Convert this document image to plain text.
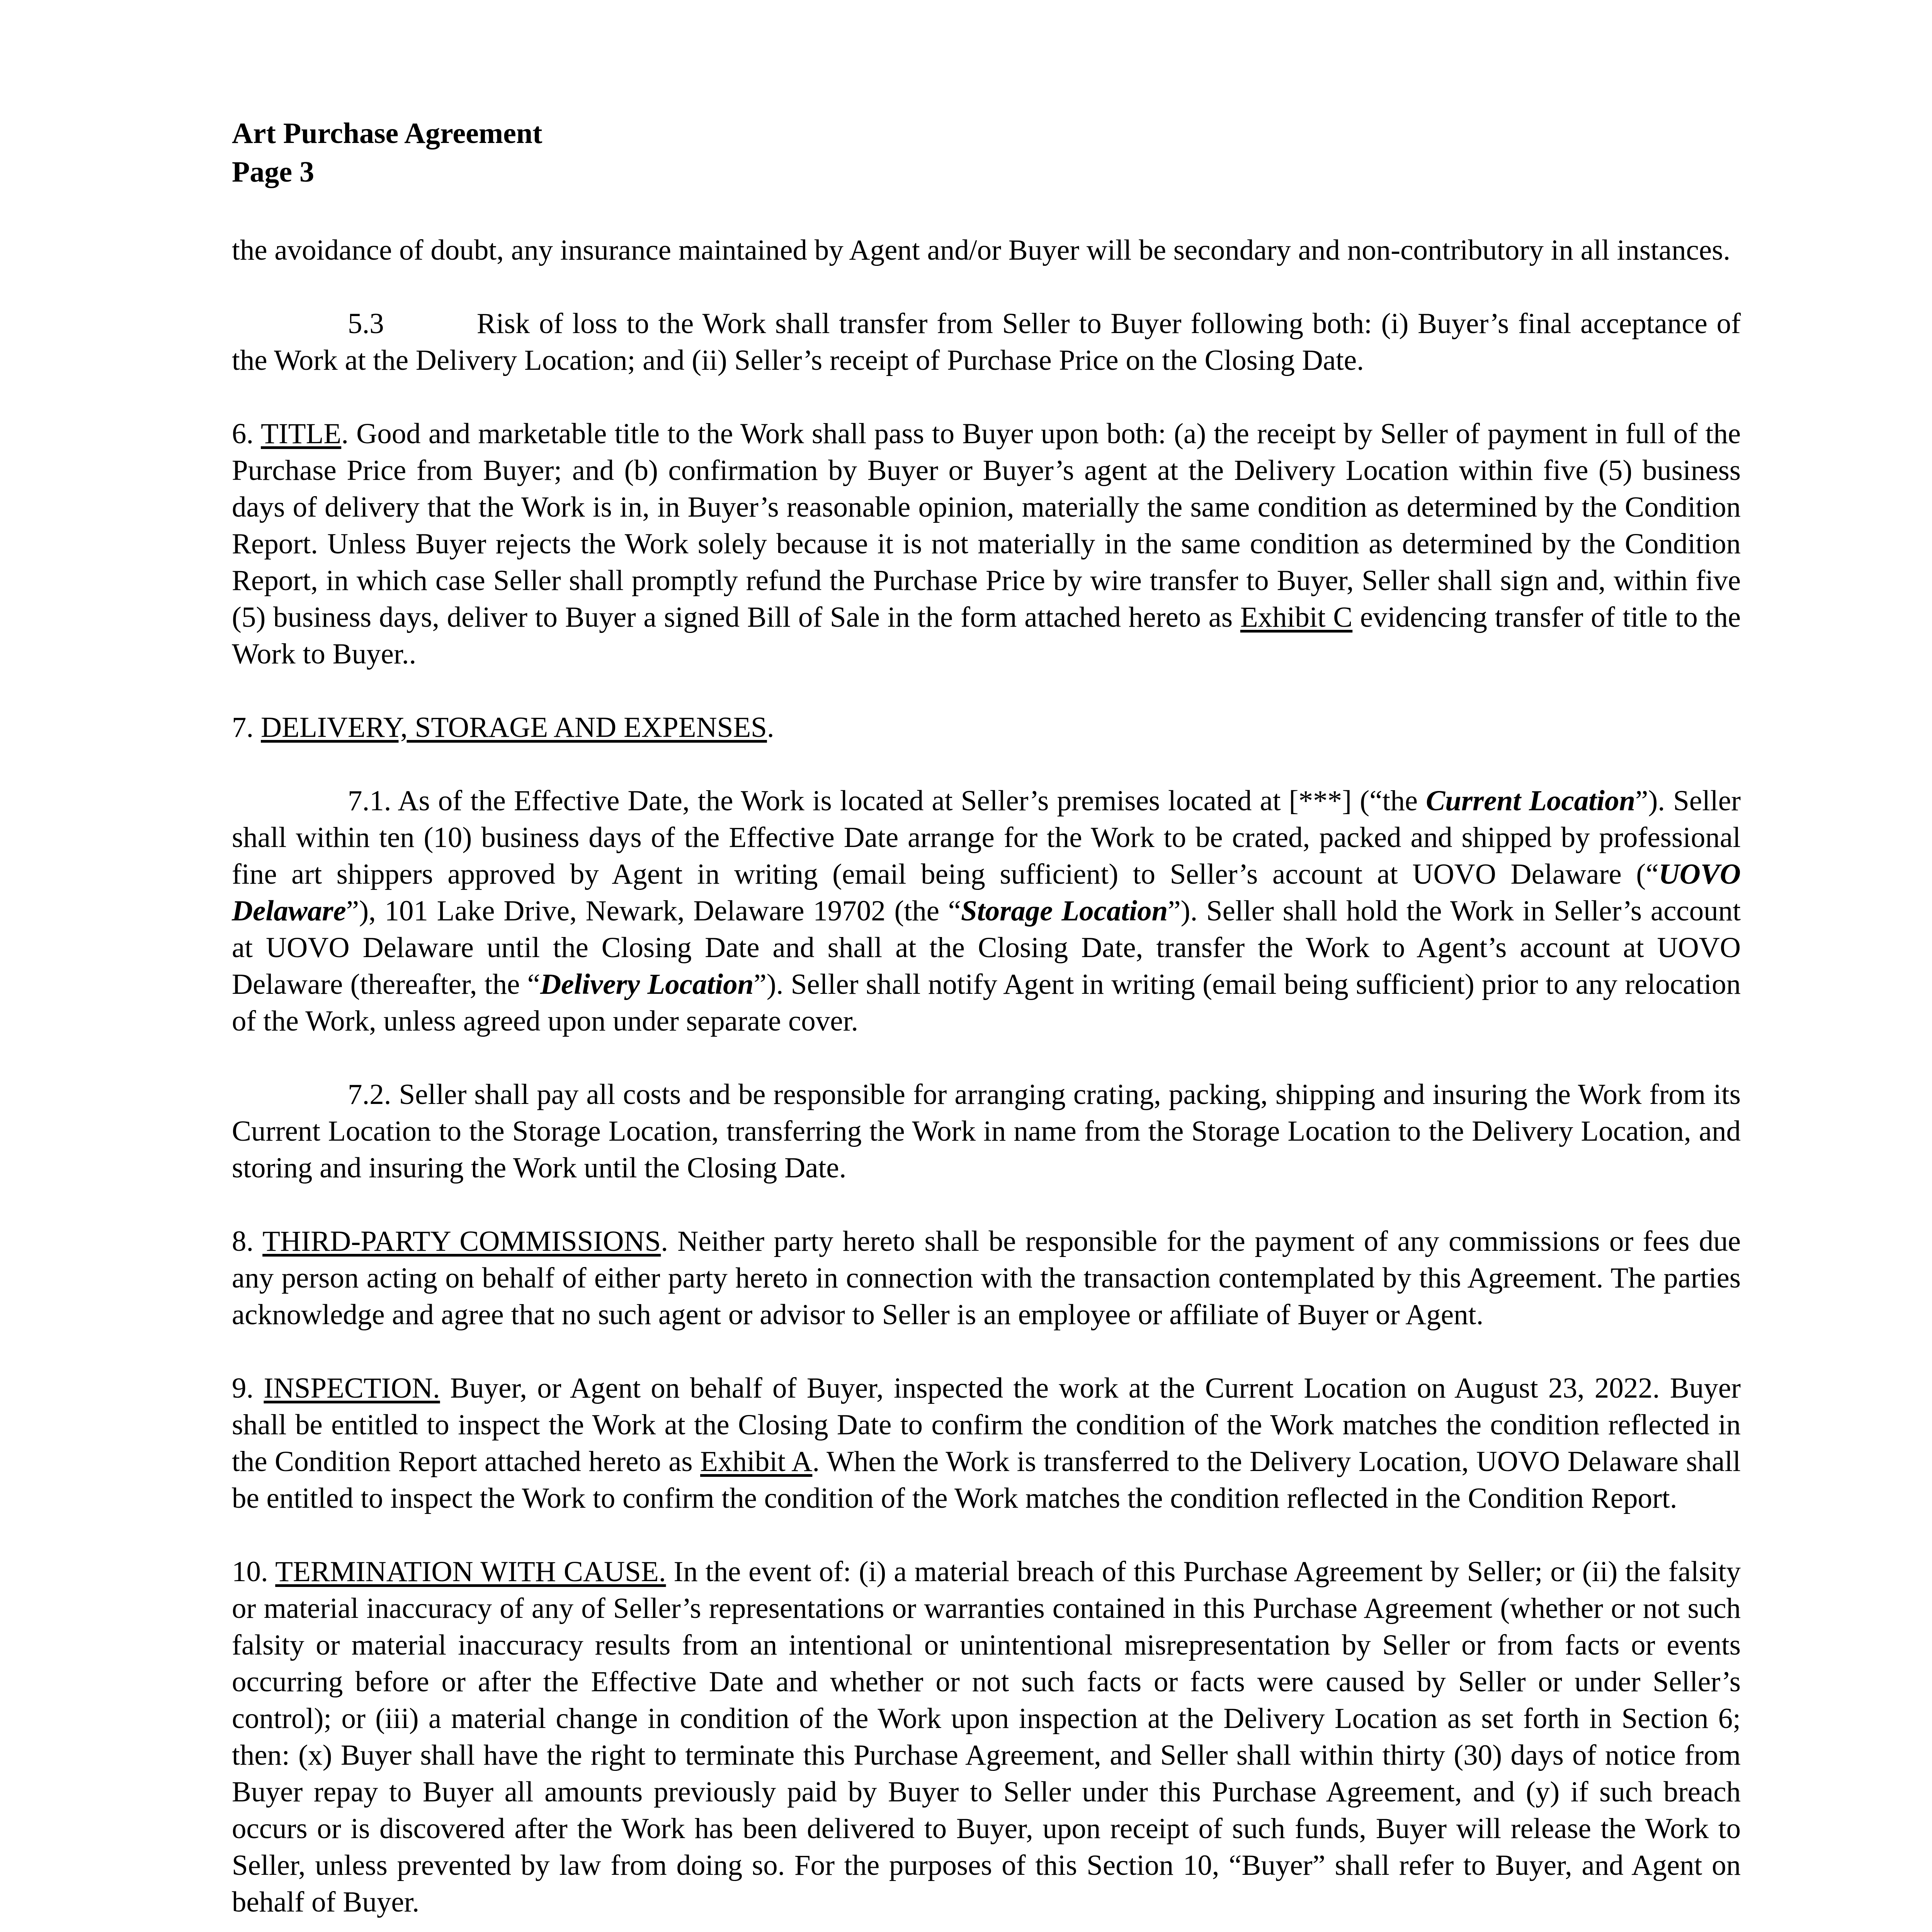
Art Purchase Agreement
Page 3

the avoidance of doubt, any insurance maintained by Agent and/or Buyer will be secondary and non-contributory in all instances.

5.3	Risk of loss to the Work shall transfer from Seller to Buyer following both: (i) Buyer’s final acceptance of the Work at the Delivery Location; and (ii) Seller’s receipt of Purchase Price on the Closing Date.

6. TITLE. Good and marketable title to the Work shall pass to Buyer upon both: (a) the receipt by Seller of payment in full of the Purchase Price from Buyer; and (b) confirmation by Buyer or Buyer’s agent at the Delivery Location within five (5) business days of delivery that the Work is in, in Buyer’s reasonable opinion, materially the same condition as determined by the Condition Report. Unless Buyer rejects the Work solely because it is not materially in the same condition as determined by the Condition Report, in which case Seller shall promptly refund the Purchase Price by wire transfer to Buyer, Seller shall sign and, within five (5) business days, deliver to Buyer a signed Bill of Sale in the form attached hereto as Exhibit C evidencing transfer of title to the Work to Buyer..

7. DELIVERY, STORAGE AND EXPENSES.

7.1. As of the Effective Date, the Work is located at Seller’s premises located at [***] (“the Current Location”). Seller shall within ten (10) business days of the Effective Date arrange for the Work to be crated, packed and shipped by professional fine art shippers approved by Agent in writing (email being sufficient) to Seller’s account at UOVO Delaware (“UOVO Delaware”), 101 Lake Drive, Newark, Delaware 19702 (the “Storage Location”). Seller shall hold the Work in Seller’s account at UOVO Delaware until the Closing Date and shall at the Closing Date, transfer the Work to Agent’s account at UOVO Delaware (thereafter, the “Delivery Location”). Seller shall notify Agent in writing (email being sufficient) prior to any relocation of the Work, unless agreed upon under separate cover.

7.2. Seller shall pay all costs and be responsible for arranging crating, packing, shipping and insuring the Work from its Current Location to the Storage Location, transferring the Work in name from the Storage Location to the Delivery Location, and storing and insuring the Work until the Closing Date.

8. THIRD-PARTY COMMISSIONS. Neither party hereto shall be responsible for the payment of any commissions or fees due any person acting on behalf of either party hereto in connection with the transaction contemplated by this Agreement. The parties acknowledge and agree that no such agent or advisor to Seller is an employee or affiliate of Buyer or Agent.

9. INSPECTION. Buyer, or Agent on behalf of Buyer, inspected the work at the Current Location on August 23, 2022. Buyer shall be entitled to inspect the Work at the Closing Date to confirm the condition of the Work matches the condition reflected in the Condition Report attached hereto as Exhibit A. When the Work is transferred to the Delivery Location, UOVO Delaware shall be entitled to inspect the Work to confirm the condition of the Work matches the condition reflected in the Condition Report.

10. TERMINATION WITH CAUSE. In the event of: (i) a material breach of this Purchase Agreement by Seller; or (ii) the falsity or material inaccuracy of any of Seller’s representations or warranties contained in this Purchase Agreement (whether or not such falsity or material inaccuracy results from an intentional or unintentional misrepresentation by Seller or from facts or events occurring before or after the Effective Date and whether or not such facts or facts were caused by Seller or under Seller’s control); or (iii) a material change in condition of the Work upon inspection at the Delivery Location as set forth in Section 6; then: (x) Buyer shall have the right to terminate this Purchase Agreement, and Seller shall within thirty (30) days of notice from Buyer repay to Buyer all amounts previously paid by Buyer to Seller under this Purchase Agreement, and (y) if such breach occurs or is discovered after the Work has been delivered to Buyer, upon receipt of such funds, Buyer will release the Work to Seller, unless prevented by law from doing so. For the purposes of this Section 10, “Buyer” shall refer to Buyer, and Agent on behalf of Buyer.
